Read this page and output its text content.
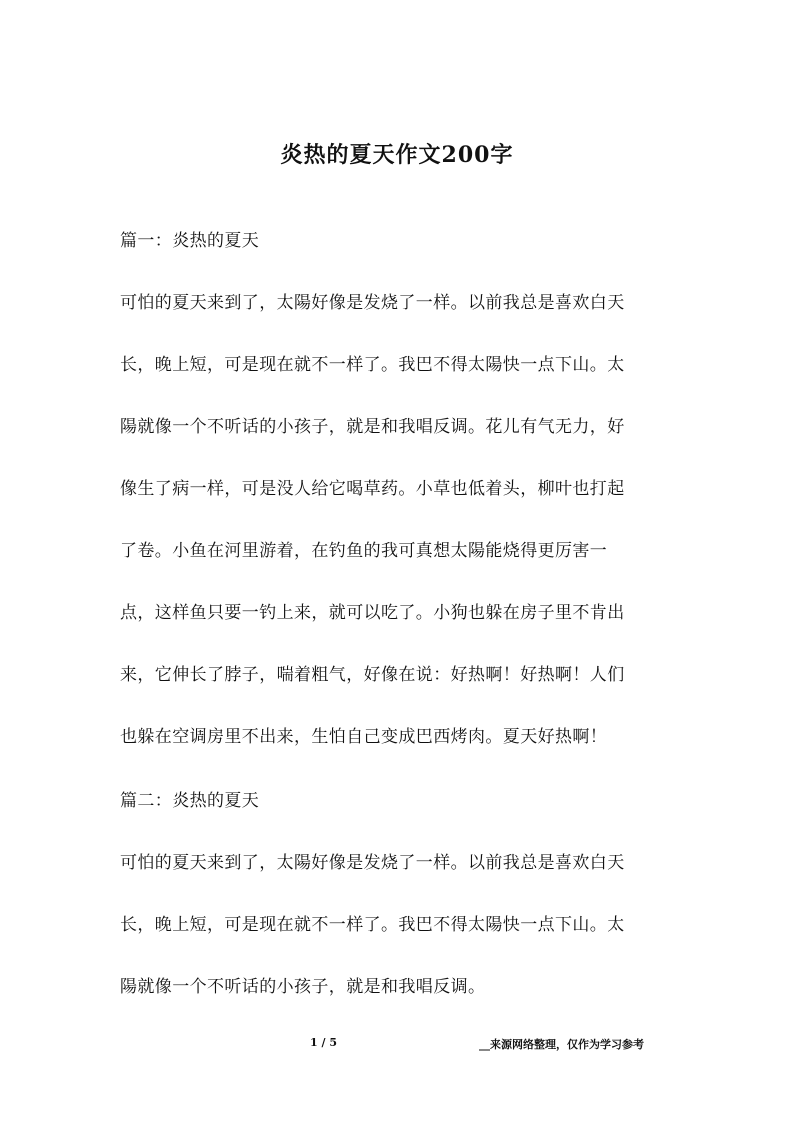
炎热的夏天作文200字
篇一：炎热的夏天
可怕的夏天来到了，太陽好像是发烧了一样。以前我总是喜欢白天
长，晚上短，可是现在就不一样了。我巴不得太陽快一点下山。太
陽就像一个不听话的小孩子，就是和我唱反调。花儿有气无力，好
像生了病一样，可是没人给它喝草药。小草也低着头，柳叶也打起
了卷。小鱼在河里游着，在钓鱼的我可真想太陽能烧得更厉害一
点，这样鱼只要一钓上来，就可以吃了。小狗也躲在房子里不肯出
来，它伸长了脖子，喘着粗气，好像在说：好热啊！好热啊！人们
也躲在空调房里不出来，生怕自己变成巴西烤肉。夏天好热啊！
篇二：炎热的夏天
可怕的夏天来到了，太陽好像是发烧了一样。以前我总是喜欢白天
长，晚上短，可是现在就不一样了。我巴不得太陽快一点下山。太
陽就像一个不听话的小孩子，就是和我唱反调。
1 / 5	__来源网络整理，仅作为学习参考
